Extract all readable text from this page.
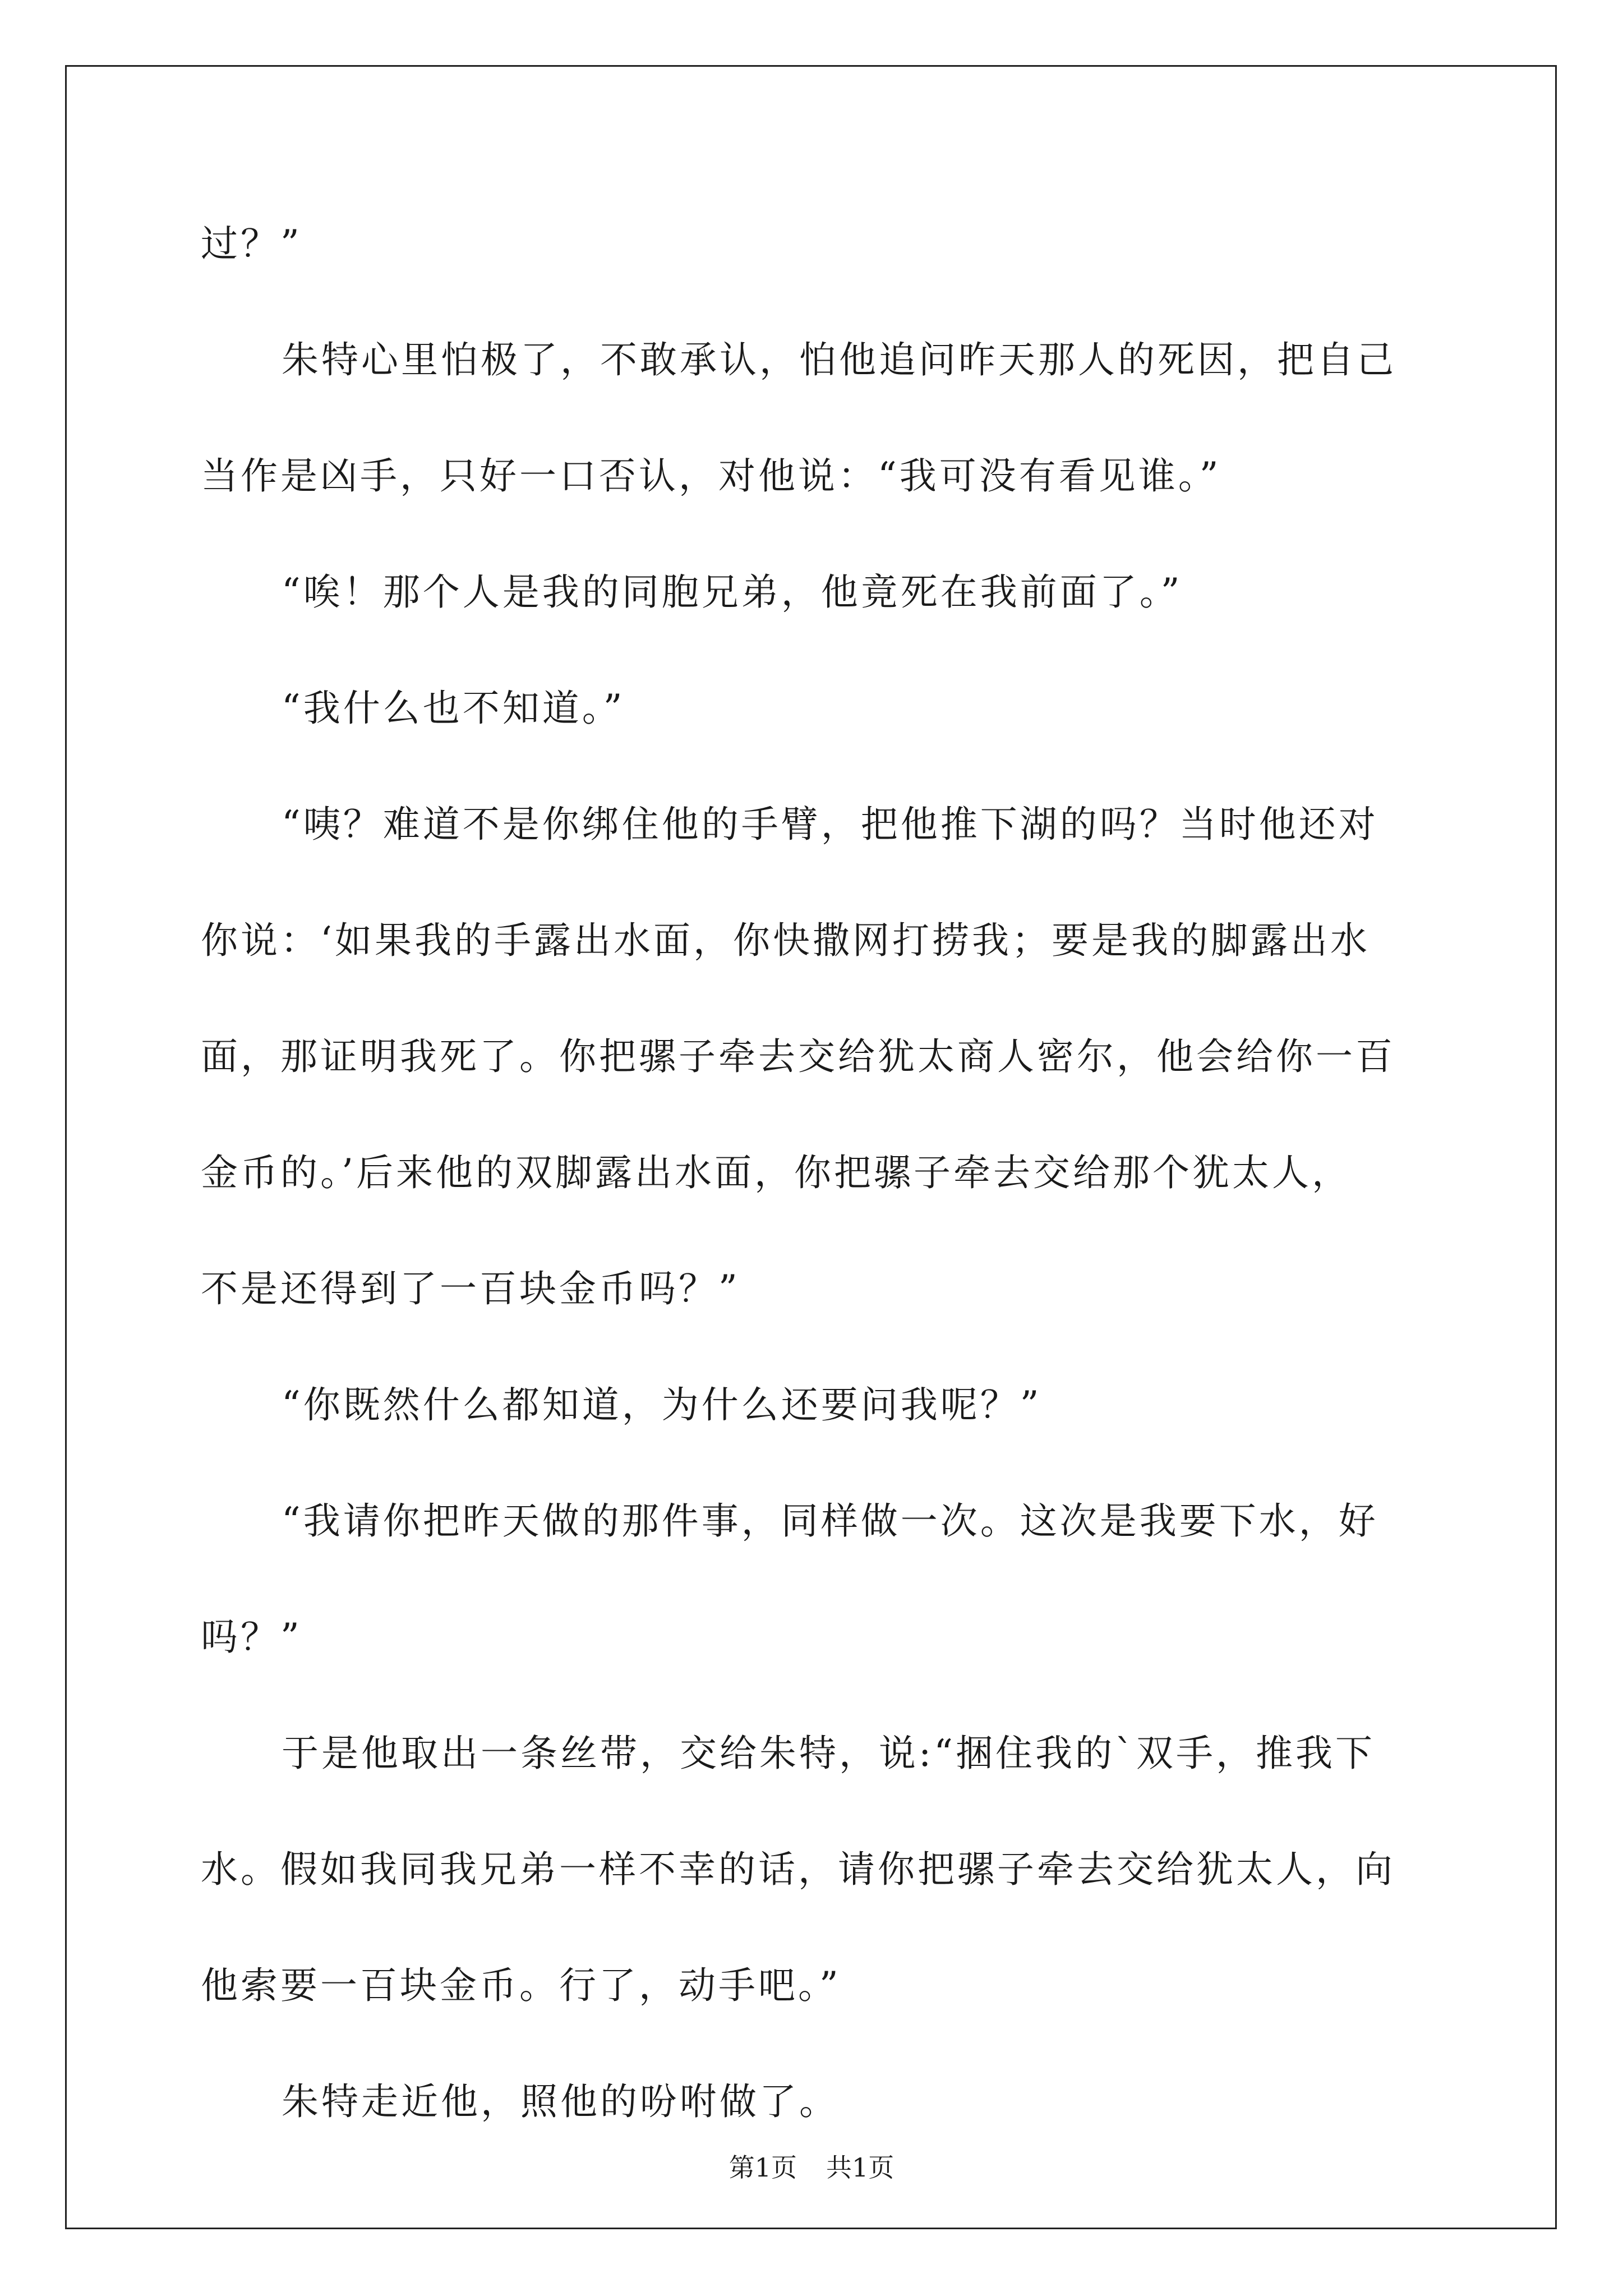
过？”

朱特心里怕极了，不敢承认，怕他追问昨天那人的死因，把自己

当作是凶手，只好一口否认，对他说：“我可没有看见谁。”

“唉！那个人是我的同胞兄弟，他竟死在我前面了。”

“我什么也不知道。”

“咦？难道不是你绑住他的手臂，把他推下湖的吗？当时他还对

你说：‘如果我的手露出水面，你快撒网打捞我；要是我的脚露出水

面，那证明我死了。你把骡子牵去交给犹太商人密尔，他会给你一百

金币的。’后来他的双脚露出水面，你把骡子牵去交给那个犹太人，

不是还得到了一百块金币吗？”

“你既然什么都知道，为什么还要问我呢？”

“我请你把昨天做的那件事，同样做一次。这次是我要下水，好

吗？”

于是他取出一条丝带，交给朱特，说:“捆住我的`双手，推我下

水。假如我同我兄弟一样不幸的话，请你把骡子牵去交给犹太人，向

他索要一百块金币。行了，动手吧。”

朱特走近他，照他的吩咐做了。

第1页 共1页
